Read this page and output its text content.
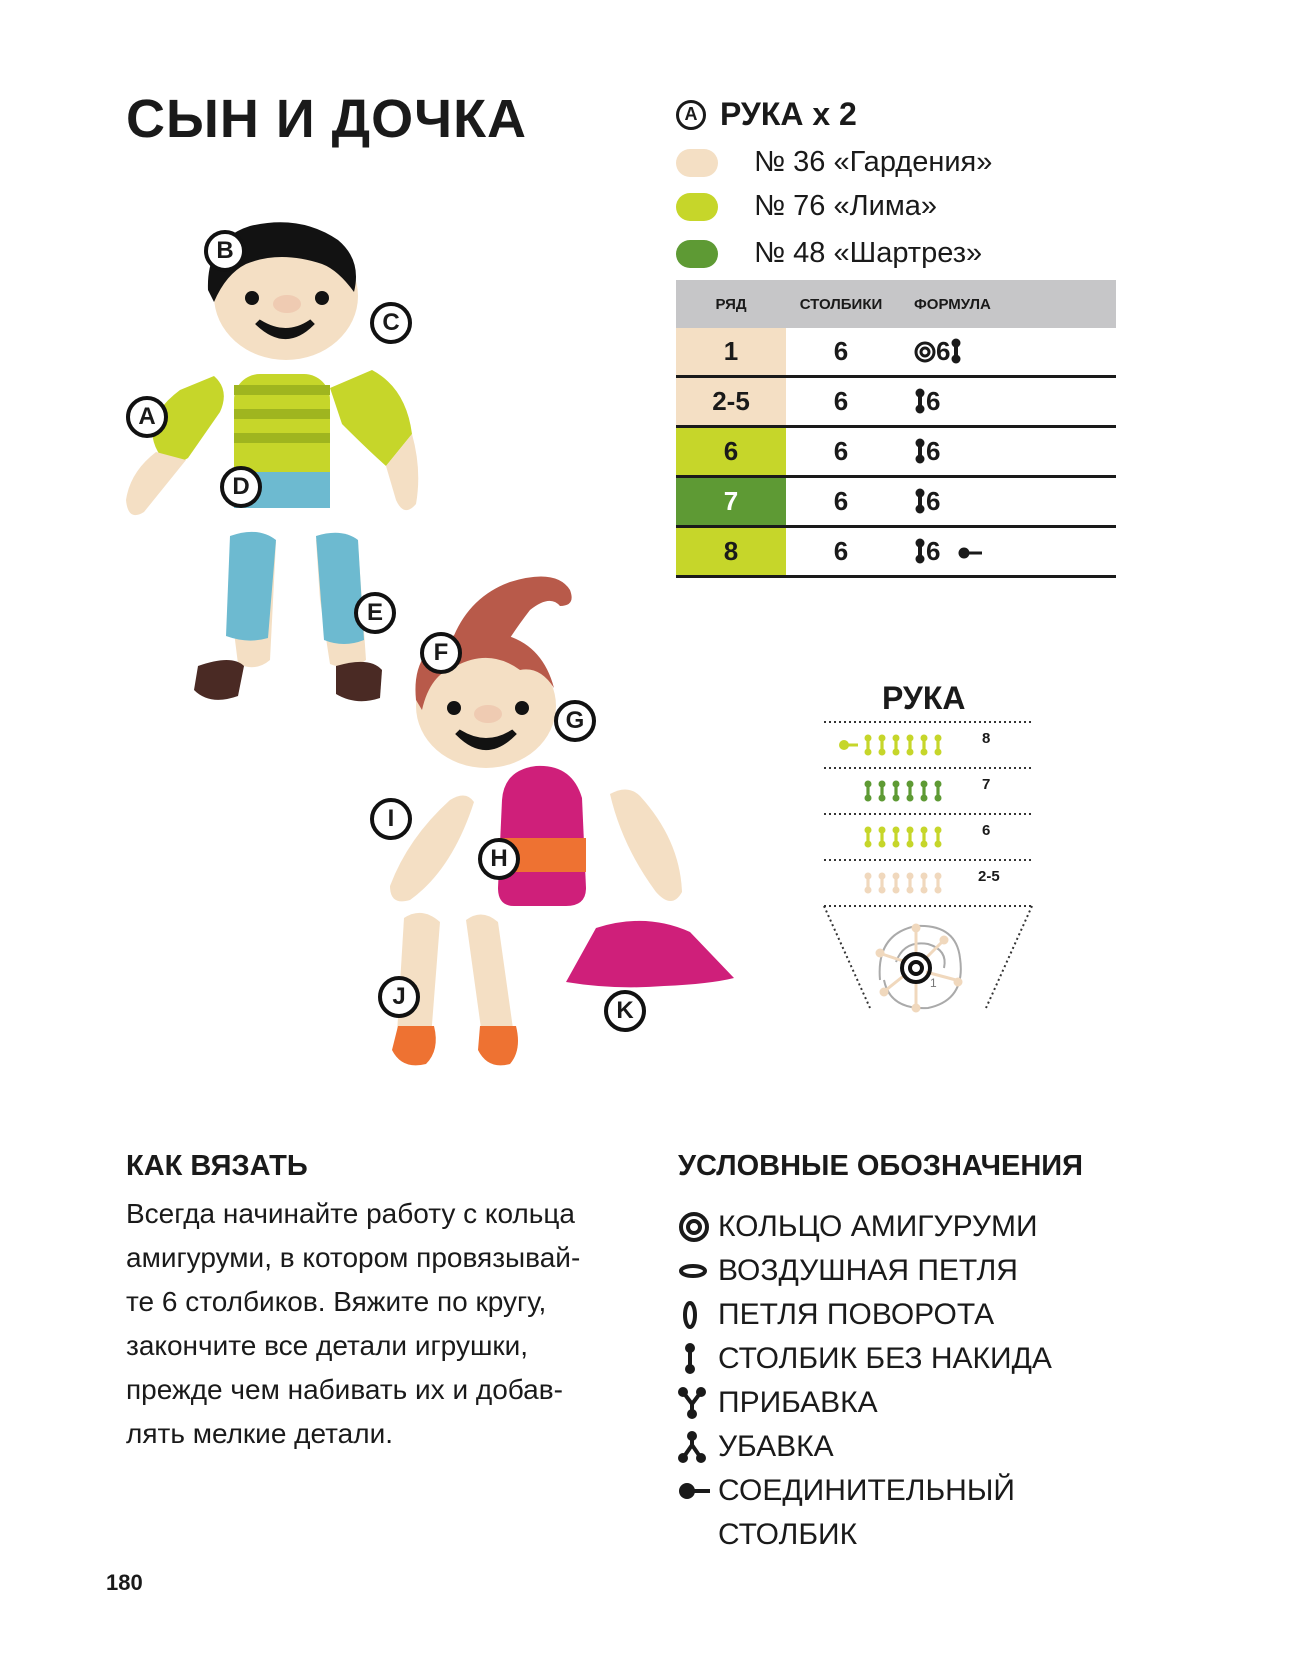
СЫН И ДОЧКА	A РУКА x 2
№ 36 «Гардения»
№ 76 «Лима»
№ 48 «Шартрез»
РЯД	СТОЛБИКИ	ФОРМУЛА
1	6	6
2-5	6	6
6	6	6
7	6	6
8	6	6
B
C
A
D
E
F
G
I
H
J
K
РУКА
8
7
6
2-5
1
КАК ВЯЗАТЬ
Всегда начинайте работу с кольца
амигуруми, в котором провязывай-
те 6 столбиков. Вяжите по кругу,
закончите все детали игрушки,
прежде чем набивать их и добав-
лять мелкие детали.
УСЛОВНЫЕ ОБОЗНАЧЕНИЯ
КОЛЬЦО АМИГУРУМИ
ВОЗДУШНАЯ ПЕТЛЯ
ПЕТЛЯ ПОВОРОТА
СТОЛБИК БЕЗ НАКИДА
ПРИБАВКА
УБАВКА
СОЕДИНИТЕЛЬНЫЙ
СТОЛБИК
180
